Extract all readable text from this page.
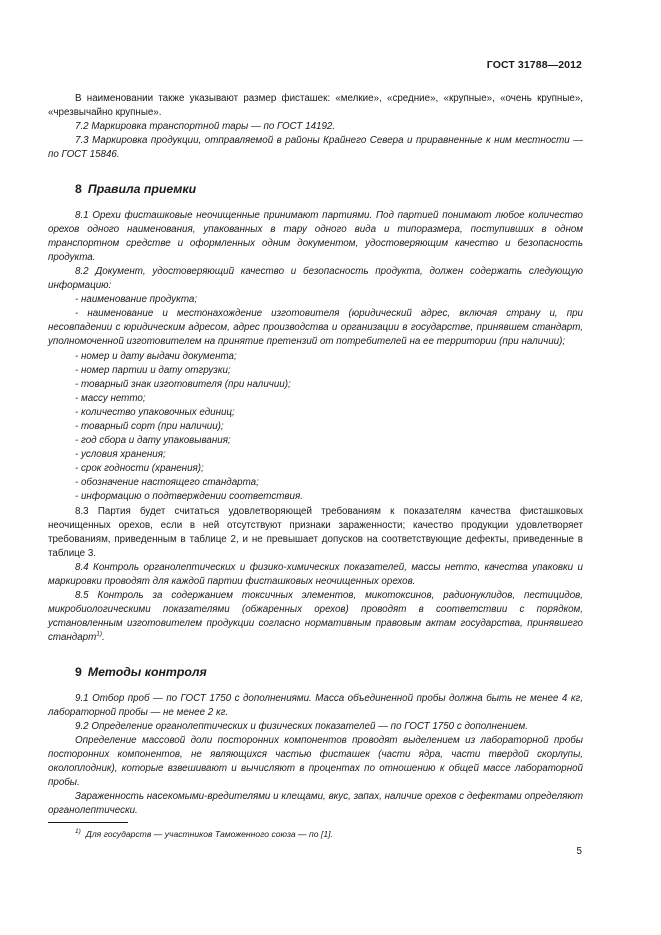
ГОСТ 31788—2012

В наименовании также указывают размер фисташек: «мелкие», «средние», «крупные», «очень крупные», «чрезвычайно крупные».

7.2 Маркировка транспортной тары — по ГОСТ 14192.

7.3 Маркировка продукции, отправляемой в районы Крайнего Севера и приравненные к ним местности — по ГОСТ 15846.

8 Правила приемки

8.1 Орехи фисташковые неочищенные принимают партиями. Под партией понимают любое количество орехов одного наименования, упакованных в тару одного вида и типоразмера, поступивших в одном транспортном средстве и оформленных одним документом, удостоверяющим качество и безопасность продукта.

8.2 Документ, удостоверяющий качество и безопасность продукта, должен содержать следующую информацию:

- наименование продукта;

- наименование и местонахождение изготовителя (юридический адрес, включая страну и, при несовпадении с юридическим адресом, адрес производства и организации в государстве, принявшем стандарт, уполномоченной изготовителем на принятие претензий от потребителей на ее территории (при наличии);

- номер и дату выдачи документа;

- номер партии и дату отгрузки;

- товарный знак изготовителя (при наличии);

- массу нетто;

- количество упаковочных единиц;

- товарный сорт (при наличии);

- год сбора и дату упаковывания;

- условия хранения;

- срок годности (хранения);

- обозначение настоящего стандарта;

- информацию о подтверждении соответствия.

8.3 Партия будет считаться удовлетворяющей требованиям к показателям качества фисташковых неочищенных орехов, если в ней отсутствуют признаки зараженности; качество продукции удовлетворяет требованиям, приведенным в таблице 2, и не превышает допусков на соответствующие дефекты, приведенные в таблице 3.

8.4 Контроль органолептических и физико-химических показателей, массы нетто, качества упаковки и маркировки проводят для каждой партии фисташковых неочищенных орехов.

8.5 Контроль за содержанием токсичных элементов, микотоксинов, радионуклидов, пестицидов, микробиологическими показателями (обжаренных орехов) проводят в соответствии с порядком, установленным изготовителем продукции согласно нормативным правовым актам государства, принявшего стандарт$^{1)}$.

9 Методы контроля

9.1 Отбор проб — по ГОСТ 1750 с дополнениями. Масса объединенной пробы должна быть не менее 4 кг, лабораторной пробы — не менее 2 кг.

9.2 Определение органолептических и физических показателей — по ГОСТ 1750 с дополнением.

Определение массовой доли посторонних компонентов проводят выделением из лабораторной пробы посторонних компонентов, не являющихся частью фисташек (части ядра, части твердой скорлупы, околоплодник), которые взвешивают и вычисляют в процентах по отношению к общей массе лабораторной пробы.

Зараженность насекомыми-вредителями и клещами, вкус, запах, наличие орехов с дефектами определяют органолептически.

$^{1)}$ Для государств — участников Таможенного союза — по [1].
5
